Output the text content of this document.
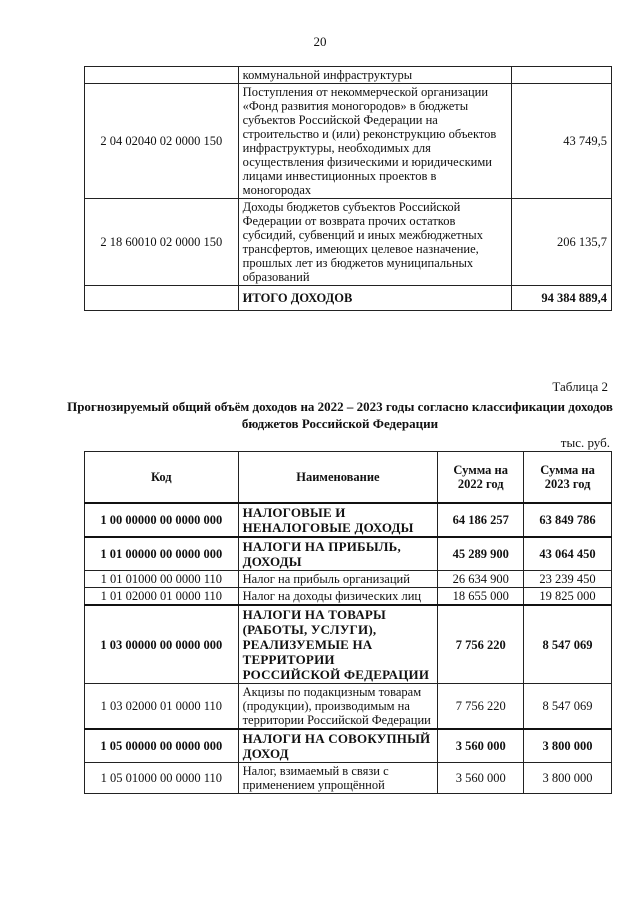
20
	коммунальной инфраструктуры	
2 04 02040 02 0000 150	Поступления от некоммерческой организации «Фонд развития моногородов» в бюджеты субъектов Российской Федерации на строительство и (или) реконструкцию объектов инфраструктуры, необходимых для осуществления физическими и юридическими лицами инвестиционных проектов в моногородах	43 749,5
2 18 60010 02 0000 150	Доходы бюджетов субъектов Российской Федерации от возврата прочих остатков субсидий, субвенций и иных межбюджетных трансфертов, имеющих целевое назначение, прошлых лет из бюджетов муниципальных образований	206 135,7
	ИТОГО ДОХОДОВ	94 384 889,4
Таблица 2
Прогнозируемый общий объём доходов на 2022 – 2023 годы согласно классификации доходов бюджетов Российской Федерации
тыс. руб.
Код	Наименование	Сумма на 2022 год	Сумма на 2023 год
1 00 00000 00 0000 000	НАЛОГОВЫЕ И НЕНАЛОГОВЫЕ ДОХОДЫ	64 186 257	63 849 786
1 01 00000 00 0000 000	НАЛОГИ НА ПРИБЫЛЬ, ДОХОДЫ	45 289 900	43 064 450
1 01 01000 00 0000 110	Налог на прибыль организаций	26 634 900	23 239 450
1 01 02000 01 0000 110	Налог на доходы физических лиц	18 655 000	19 825 000
1 03 00000 00 0000 000	НАЛОГИ НА ТОВАРЫ (РАБОТЫ, УСЛУГИ), РЕАЛИЗУЕМЫЕ НА ТЕРРИТОРИИ РОССИЙСКОЙ ФЕДЕРАЦИИ	7 756 220	8 547 069
1 03 02000 01 0000 110	Акцизы по подакцизным товарам (продукции), производимым на территории Российской Федерации	7 756 220	8 547 069
1 05 00000 00 0000 000	НАЛОГИ НА СОВОКУПНЫЙ ДОХОД	3 560 000	3 800 000
1 05 01000 00 0000 110	Налог, взимаемый в связи с применением упрощённой	3 560 000	3 800 000
